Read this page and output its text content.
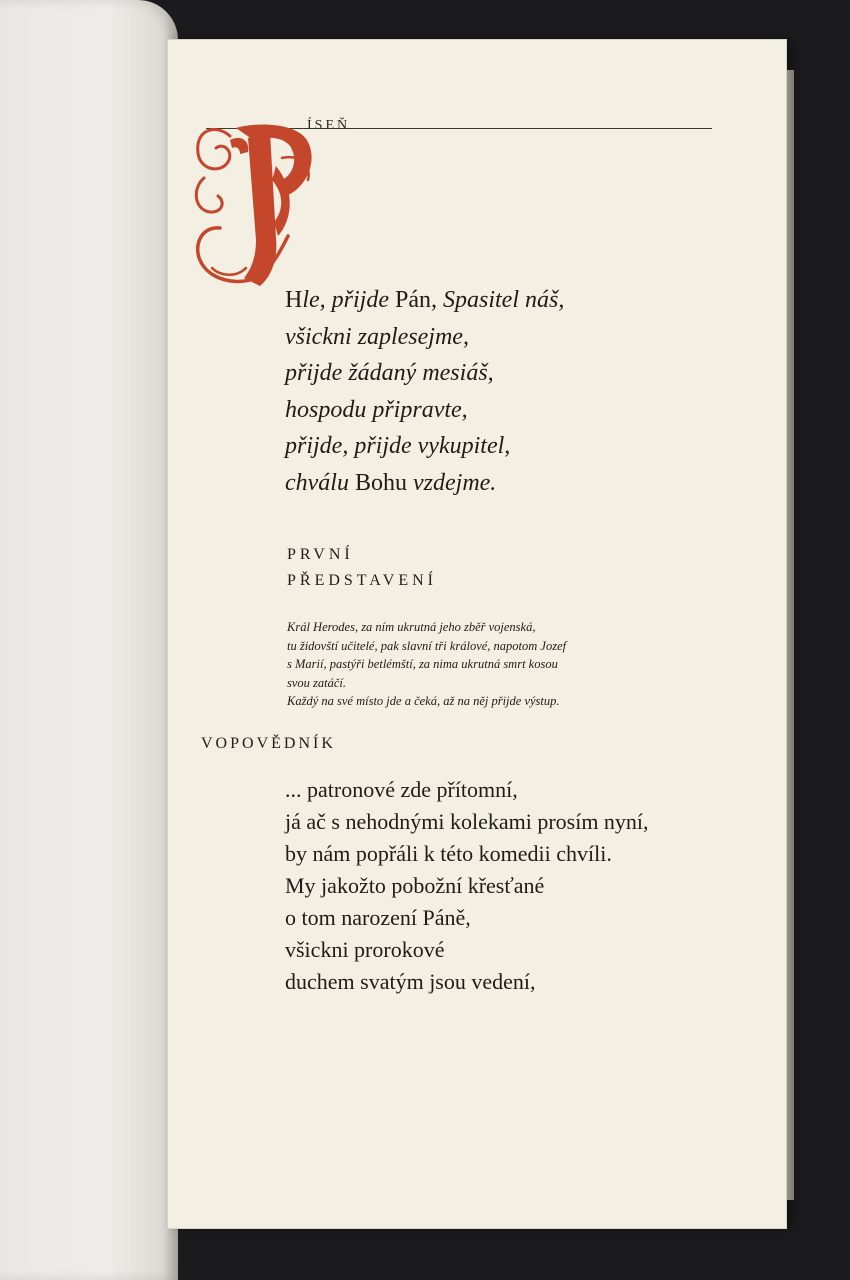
ÍSEŇ
Hle, přijde Pán, Spasitel náš,
všickni zaplesejme,
přijde žádaný mesiáš,
hospodu připravte,
přijde, přijde vykupitel,
chválu Bohu vzdejme.
PRVNÍ
PŘEDSTAVENÍ
Král Herodes, za ním ukrutná jeho zběř vojenská,
tu židovští učitelé, pak slavní tři králové, napotom Jozef
s Marií, pastýři betlémští, za nima ukrutná smrt kosou
svou zatáčí.
Každý na své místo jde a čeká, až na něj přijde výstup.
VOPOVĚDNÍK
... patronové zde přítomní,
já ač s nehodnými kolekami prosím nyní,
by nám popřáli k této komedii chvíli.
My jakožto pobožní křesťané
o tom narození Páně,
všickni prorokové
duchem svatým jsou vedení,
